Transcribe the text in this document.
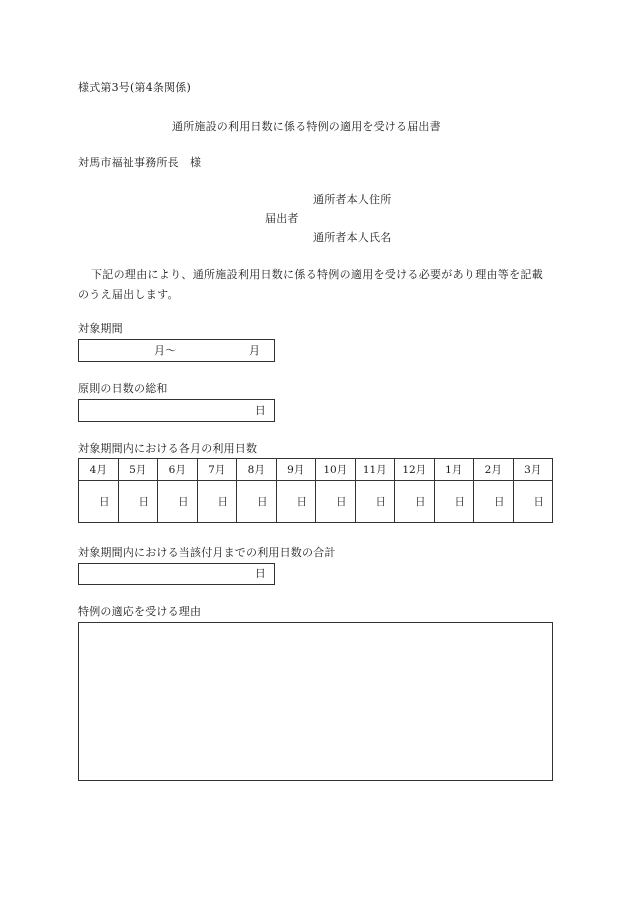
様式第3号(第4条関係)
通所施設の利用日数に係る特例の適用を受ける届出書
対馬市福祉事務所長　様
通所者本人住所
届出者
通所者本人氏名
下記の理由により、通所施設利用日数に係る特例の適用を受ける必要があり理由等を記載のうえ届出します。
対象期間
月〜	月
原則の日数の総和
日
対象期間内における各月の利用日数
4月	5月	6月	7月	8月	9月	10月	11月	12月	1月	2月	3月
日	日	日	日	日	日	日	日	日	日	日	日
対象期間内における当該付月までの利用日数の合計
日
特例の適応を受ける理由
